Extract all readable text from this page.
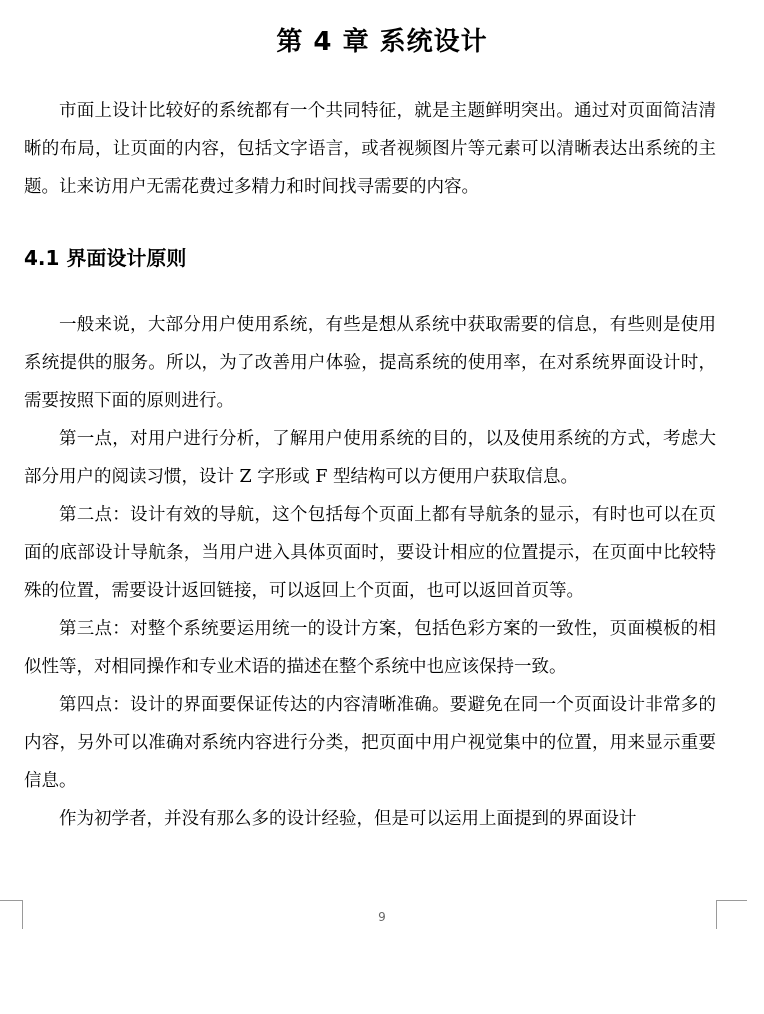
第 4 章 系统设计

市面上设计比较好的系统都有一个共同特征，就是主题鲜明突出。通过对页面简洁清晰的布局，让页面的内容，包括文字语言，或者视频图片等元素可以清晰表达出系统的主题。让来访用户无需花费过多精力和时间找寻需要的内容。

4.1 界面设计原则

一般来说，大部分用户使用系统，有些是想从系统中获取需要的信息，有些则是使用系统提供的服务。所以，为了改善用户体验，提高系统的使用率，在对系统界面设计时，需要按照下面的原则进行。

第一点，对用户进行分析，了解用户使用系统的目的，以及使用系统的方式，考虑大部分用户的阅读习惯，设计 Z 字形或 F 型结构可以方便用户获取信息。

第二点：设计有效的导航，这个包括每个页面上都有导航条的显示，有时也可以在页面的底部设计导航条，当用户进入具体页面时，要设计相应的位置提示，在页面中比较特殊的位置，需要设计返回链接，可以返回上个页面，也可以返回首页等。

第三点：对整个系统要运用统一的设计方案，包括色彩方案的一致性，页面模板的相似性等，对相同操作和专业术语的描述在整个系统中也应该保持一致。

第四点：设计的界面要保证传达的内容清晰准确。要避免在同一个页面设计非常多的内容，另外可以准确对系统内容进行分类，把页面中用户视觉集中的位置，用来显示重要信息。

作为初学者，并没有那么多的设计经验，但是可以运用上面提到的界面设计

9
